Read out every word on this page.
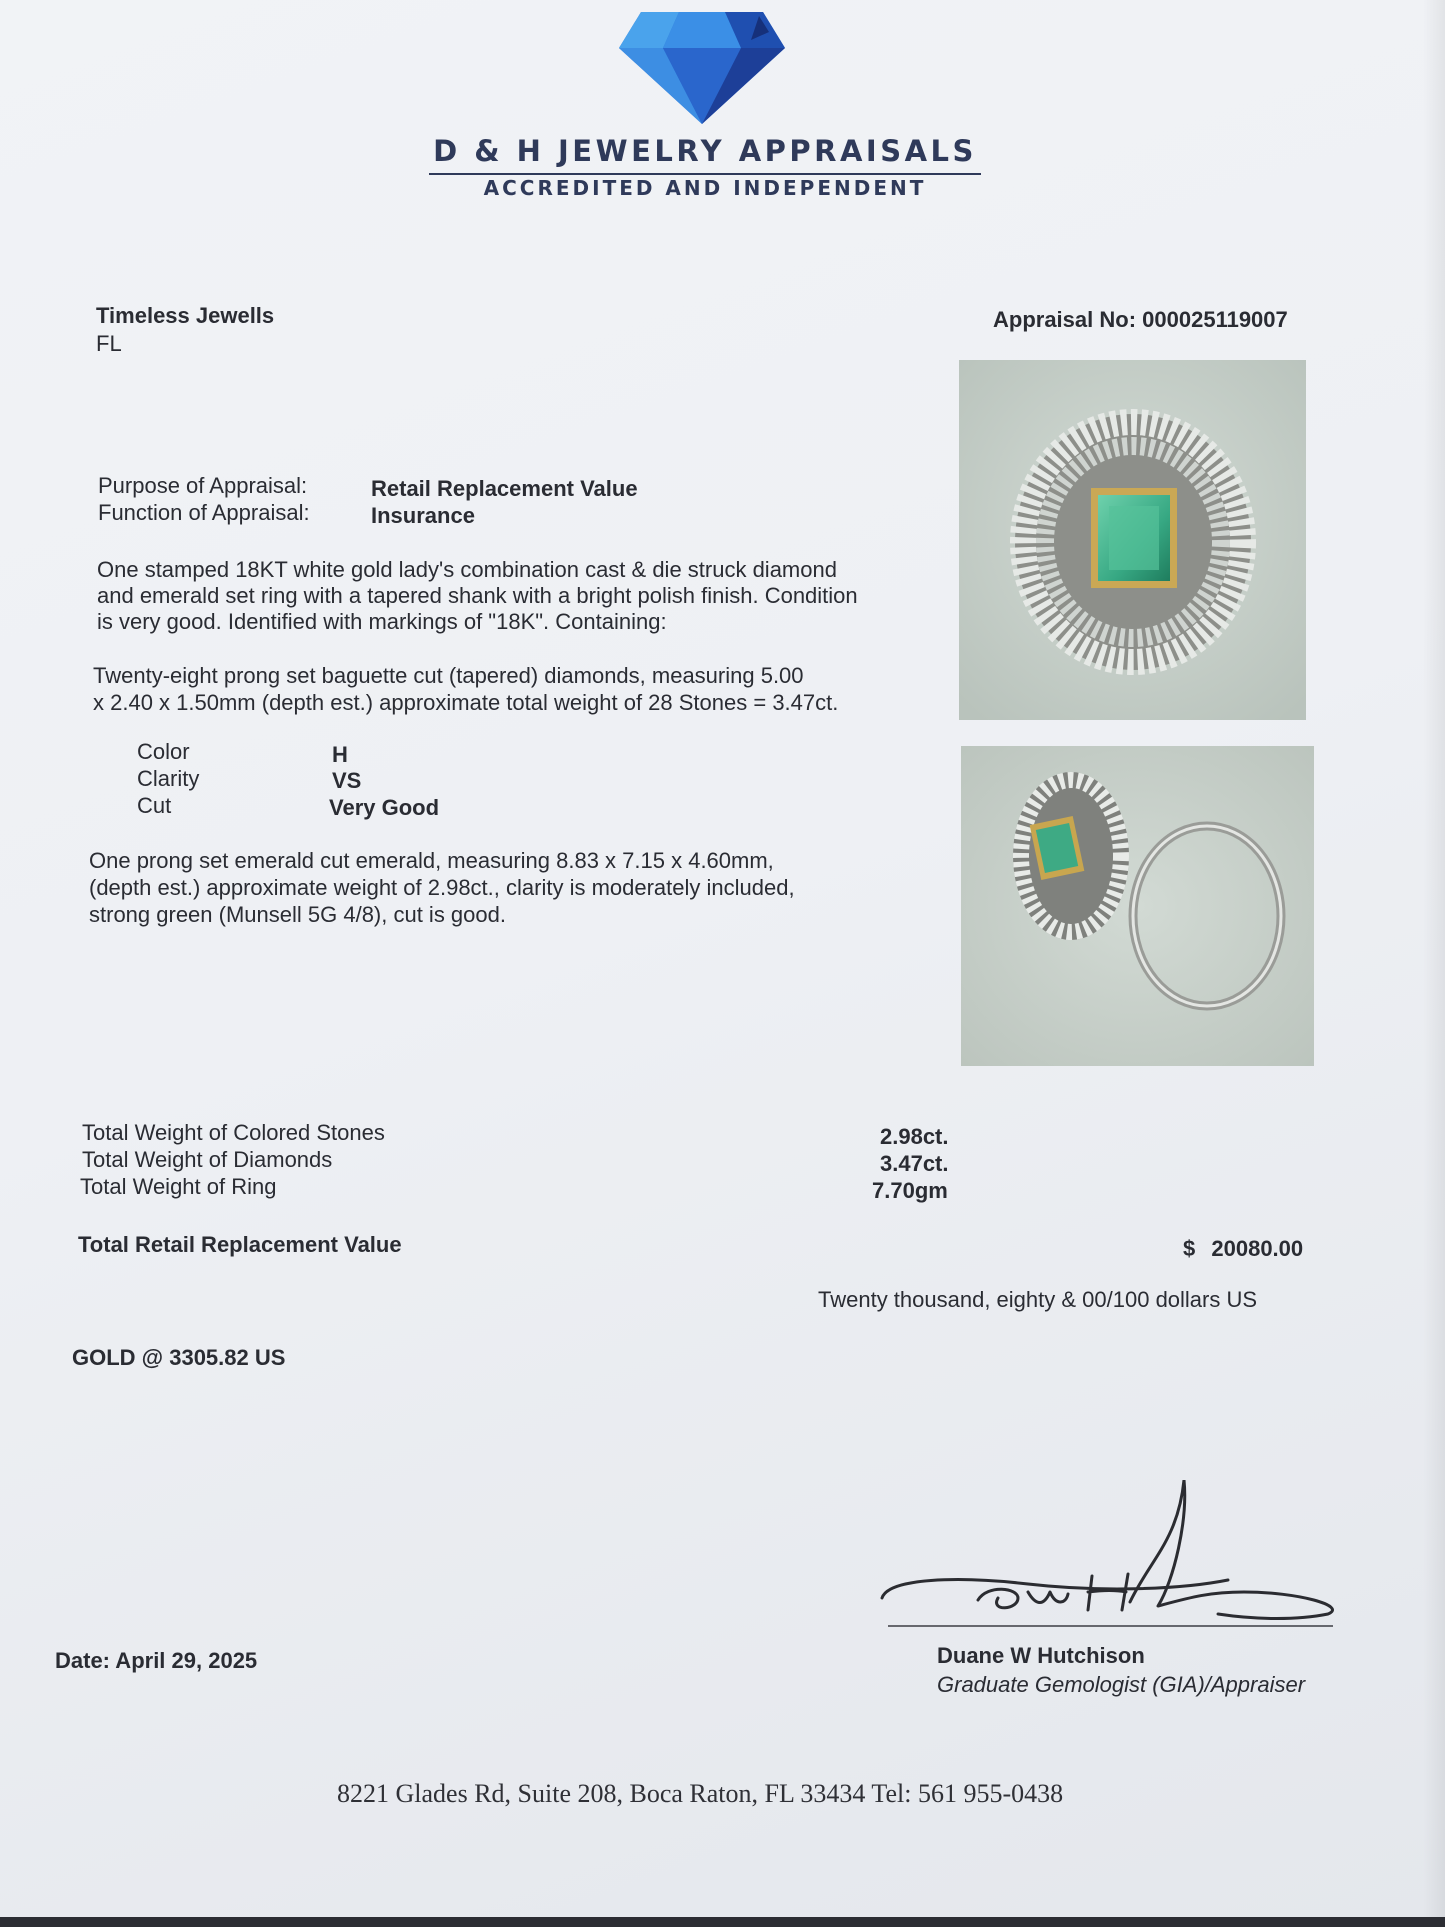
D & H JEWELRY APPRAISALS
ACCREDITED AND INDEPENDENT
Timeless Jewells
FL
Appraisal No: 000025119007
Purpose of Appraisal:	Retail Replacement Value
Function of Appraisal:	Insurance
One stamped 18KT white gold lady's combination cast & die struck diamond
and emerald set ring with a tapered shank with a bright polish finish. Condition
is very good. Identified with markings of "18K". Containing:
Twenty-eight prong set baguette cut (tapered) diamonds, measuring 5.00
x 2.40 x 1.50mm (depth est.) approximate total weight of 28 Stones = 3.47ct.
Color	H
Clarity	VS
Cut	Very Good
One prong set emerald cut emerald, measuring 8.83 x 7.15 x 4.60mm,
(depth est.) approximate weight of 2.98ct., clarity is moderately included,
strong green (Munsell 5G 4/8), cut is good.
Total Weight of Colored Stones	2.98ct.
Total Weight of Diamonds	3.47ct.
Total Weight of Ring	7.70gm
Total Retail Replacement Value	$ 20080.00
Twenty thousand, eighty & 00/100 dollars US
GOLD @ 3305.82 US
Duane W Hutchison
Graduate Gemologist (GIA)/Appraiser
Date: April 29, 2025
8221 Glades Rd, Suite 208, Boca Raton, FL 33434 Tel: 561 955-0438
